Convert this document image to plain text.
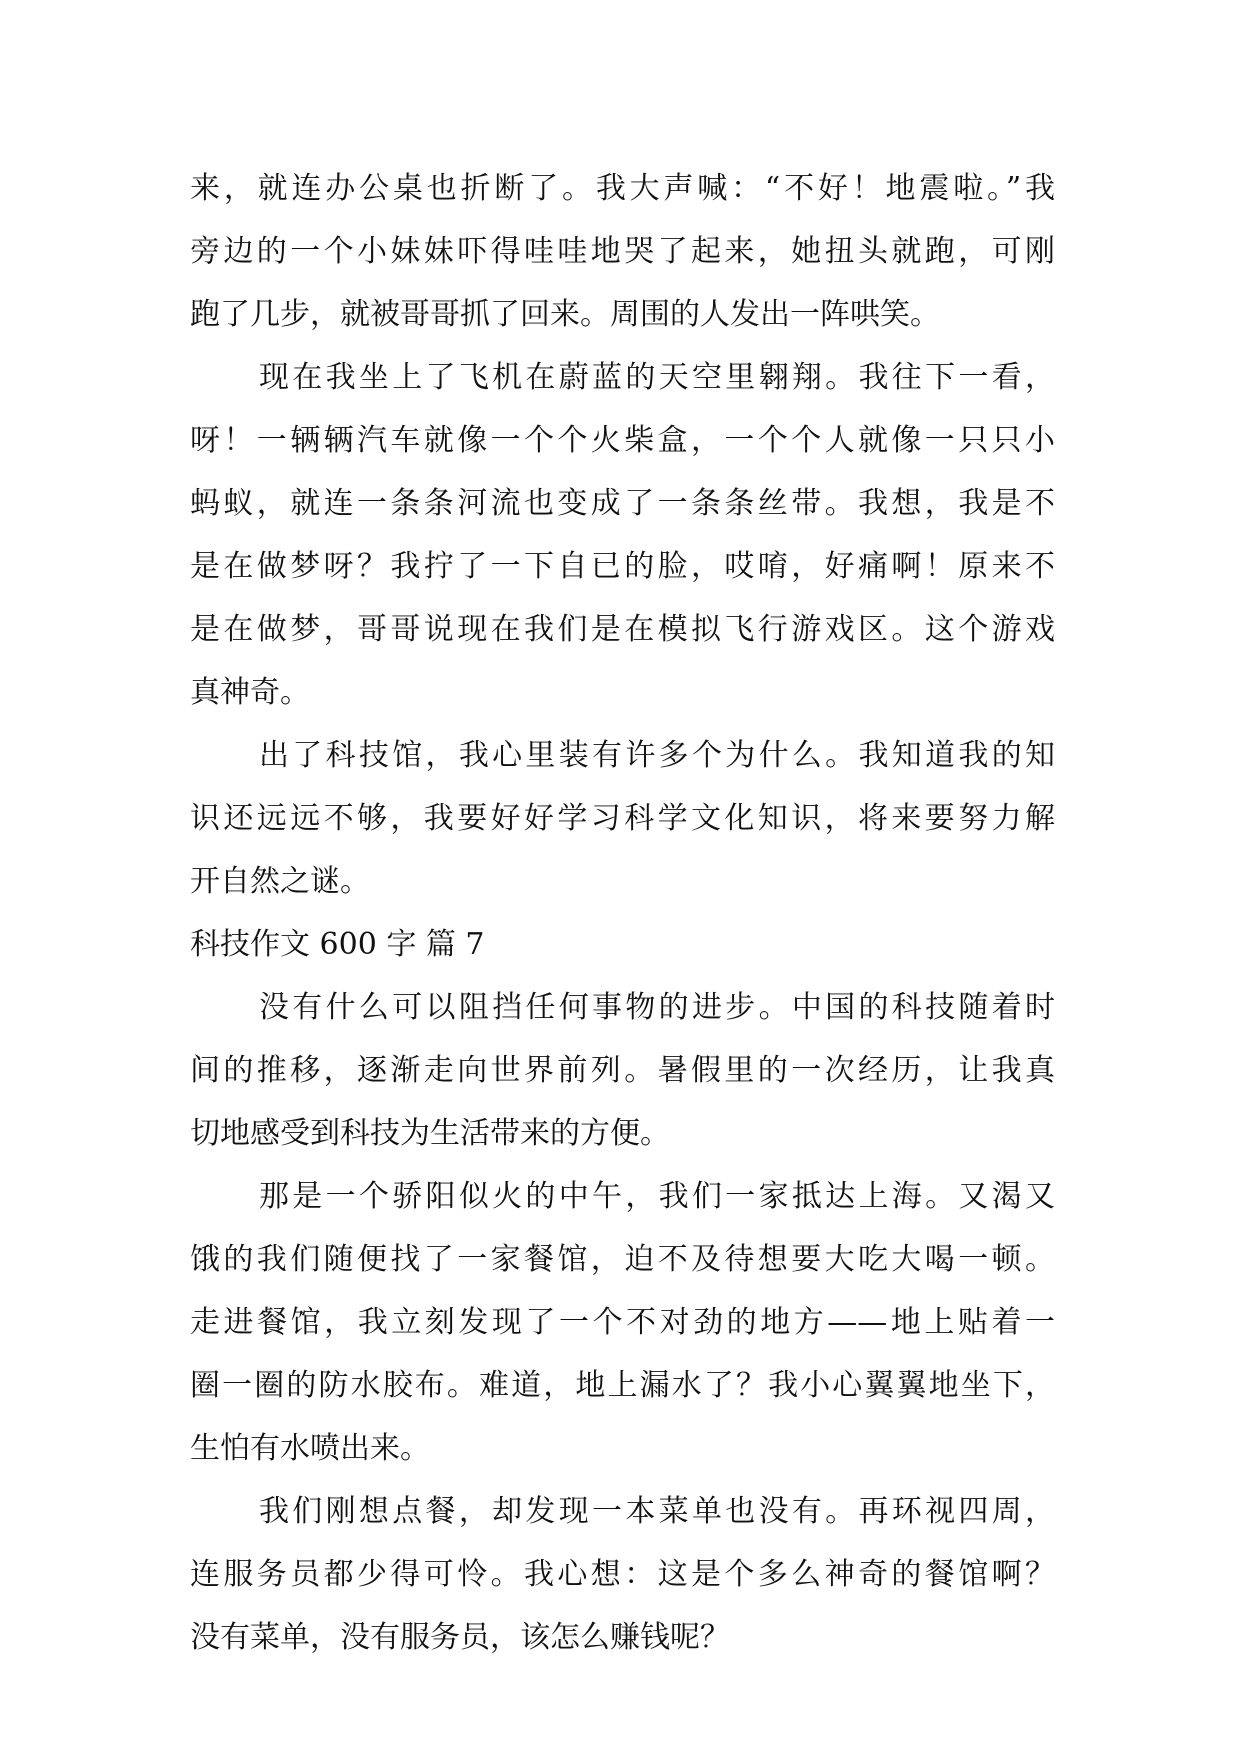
来，就连办公桌也折断了。我大声喊：“不好！地震啦。”我
旁边的一个小妹妹吓得哇哇地哭了起来，她扭头就跑，可刚
跑了几步，就被哥哥抓了回来。周围的人发出一阵哄笑。
现在我坐上了飞机在蔚蓝的天空里翱翔。我往下一看，
呀！一辆辆汽车就像一个个火柴盒，一个个人就像一只只小
蚂蚁，就连一条条河流也变成了一条条丝带。我想，我是不
是在做梦呀？我拧了一下自已的脸，哎唷，好痛啊！原来不
是在做梦，哥哥说现在我们是在模拟飞行游戏区。这个游戏
真神奇。
出了科技馆，我心里装有许多个为什么。我知道我的知
识还远远不够，我要好好学习科学文化知识，将来要努力解
开自然之谜。
科技作文 600 字 篇 7
没有什么可以阻挡任何事物的进步。中国的科技随着时
间的推移，逐渐走向世界前列。暑假里的一次经历，让我真
切地感受到科技为生活带来的方便。
那是一个骄阳似火的中午，我们一家抵达上海。又渴又
饿的我们随便找了一家餐馆，迫不及待想要大吃大喝一顿。
走进餐馆，我立刻发现了一个不对劲的地方——地上贴着一
圈一圈的防水胶布。难道，地上漏水了？我小心翼翼地坐下，
生怕有水喷出来。
我们刚想点餐，却发现一本菜单也没有。再环视四周，
连服务员都少得可怜。我心想：这是个多么神奇的餐馆啊？
没有菜单，没有服务员，该怎么赚钱呢？
